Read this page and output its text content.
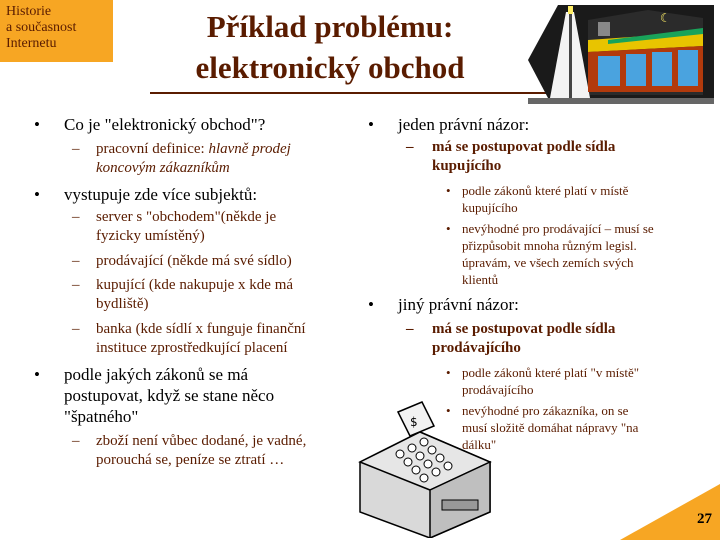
Historie
a současnost
Internetu	Příklad problému:
elektronický obchod
☾
• Co je "elektronický obchod"?
– pracovní definice: hlavně prodej
koncovým zákazníkům
• vystupuje zde více subjektů:
– server s "obchodem"(někde je
fyzicky umístěný)
– prodávající (někde má své sídlo)
– kupující (kde nakupuje x kde má
bydliště)
– banka (kde sídlí x funguje finanční
instituce zprostředkující placení
• podle jakých zákonů se má
postupovat, když se stane něco
"špatného"
– zboží není vůbec dodané, je vadné,
porouchá se, peníze se ztratí …
• jeden právní názor:
– má se postupovat podle sídla
kupujícího
• podle zákonů které platí v místě
kupujícího
• nevýhodné pro prodávající – musí se
přizpůsobit mnoha různým legisl.
úpravám, ve všech zemích svých
klientů
• jiný právní názor:
– má se postupovat podle sídla
prodávajícího
• podle zákonů které platí "v místě"
prodávajícího
• nevýhodné pro zákazníka, on se
musí složitě domáhat nápravy "na
dálku"
$
27
